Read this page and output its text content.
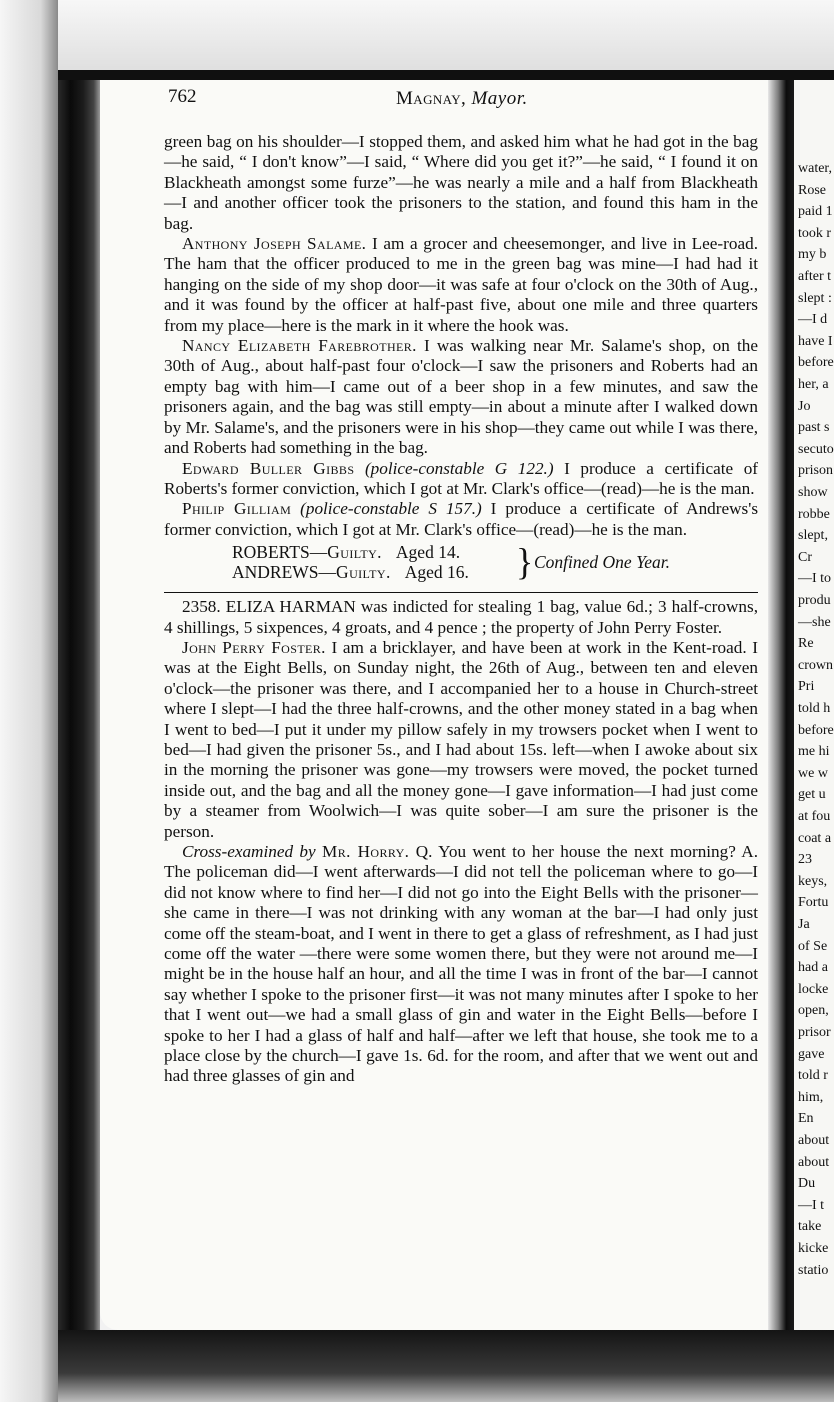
water,
Rose
paid 1
took r
my b
after t
slept :
—I d
have I
before
her, a
Jo
past s
secuto
prison
show
robbe
slept,
Cr
—I to
produ
—she
Re
crown
Pri
told h
before
me hi
we w
get u
at fou
coat a
23
keys,
Fortu
Ja
of Se
had a
locke
open,
prisor
gave
told r
him,
En
about
about
Du
—I t
take
kicke
statio
762	Magnay, Mayor.

green bag on his shoulder—I stopped them, and asked him what he had got in the bag—he said, “ I don't know”—I said, “ Where did you get it?”—he said, “ I found it on Blackheath amongst some furze”—he was nearly a mile and a half from Blackheath—I and another officer took the prisoners to the station, and found this ham in the bag.

Anthony Joseph Salame. I am a grocer and cheesemonger, and live in Lee-road. The ham that the officer produced to me in the green bag was mine—I had had it hanging on the side of my shop door—it was safe at four o'clock on the 30th of Aug., and it was found by the officer at half-past five, about one mile and three quarters from my place—here is the mark in it where the hook was.

Nancy Elizabeth Farebrother. I was walking near Mr. Salame's shop, on the 30th of Aug., about half-past four o'clock—I saw the prisoners and Roberts had an empty bag with him—I came out of a beer shop in a few minutes, and saw the prisoners again, and the bag was still empty—in about a minute after I walked down by Mr. Salame's, and the prisoners were in his shop—they came out while I was there, and Roberts had something in the bag.

Edward Buller Gibbs (police-constable G 122.) I produce a certificate of Roberts's former conviction, which I got at Mr. Clark's office—(read)—he is the man.

Philip Gilliam (police-constable S 157.) I produce a certificate of Andrews's former conviction, which I got at Mr. Clark's office—(read)—he is the man.

ROBERTS—Guilty. Aged 14.
ANDREWS—Guilty. Aged 16. } Confined One Year.

2358. ELIZA HARMAN was indicted for stealing 1 bag, value 6d.; 3 half-crowns, 4 shillings, 5 sixpences, 4 groats, and 4 pence ; the property of John Perry Foster.

John Perry Foster. I am a bricklayer, and have been at work in the Kent-road. I was at the Eight Bells, on Sunday night, the 26th of Aug., between ten and eleven o'clock—the prisoner was there, and I accompanied her to a house in Church-street where I slept—I had the three half-crowns, and the other money stated in a bag when I went to bed—I put it under my pillow safely in my trowsers pocket when I went to bed—I had given the prisoner 5s., and I had about 15s. left—when I awoke about six in the morning the prisoner was gone—my trowsers were moved, the pocket turned inside out, and the bag and all the money gone—I gave information—I had just come by a steamer from Woolwich—I was quite sober—I am sure the prisoner is the person.

Cross-examined by Mr. Horry. Q. You went to her house the next morning? A. The policeman did—I went afterwards—I did not tell the policeman where to go—I did not know where to find her—I did not go into the Eight Bells with the prisoner—she came in there—I was not drinking with any woman at the bar—I had only just come off the steam-boat, and I went in there to get a glass of refreshment, as I had just come off the water —there were some women there, but they were not around me—I might be in the house half an hour, and all the time I was in front of the bar—I cannot say whether I spoke to the prisoner first—it was not many minutes after I spoke to her that I went out—we had a small glass of gin and water in the Eight Bells—before I spoke to her I had a glass of half and half—after we left that house, she took me to a place close by the church—I gave 1s. 6d. for the room, and after that we went out and had three glasses of gin and
